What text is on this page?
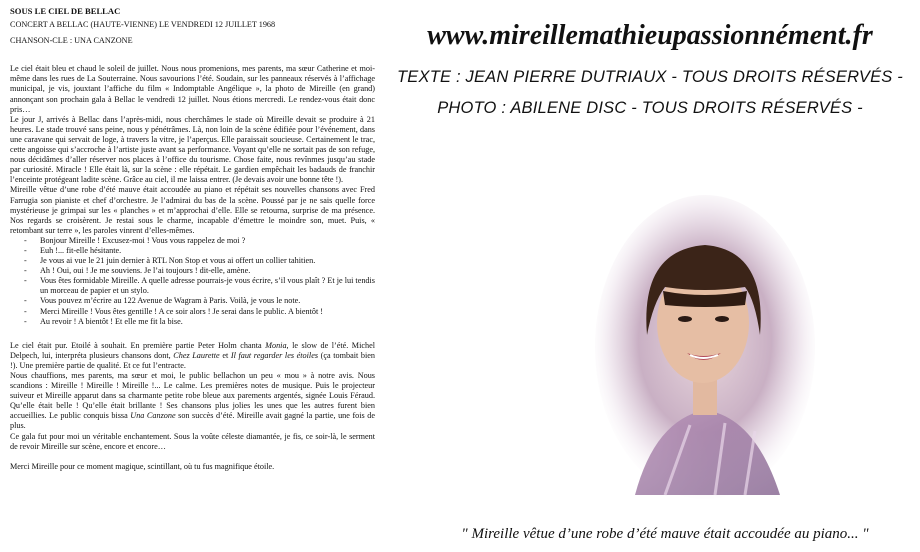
SOUS LE CIEL DE BELLAC

CONCERT A BELLAC (HAUTE-VIENNE) LE VENDREDI 12 JUILLET 1968

CHANSON-CLE : UNA CANZONE

Le ciel était bleu et chaud le soleil de juillet. Nous nous promenions, mes parents, ma sœur Catherine et moi-même dans les rues de La Souterraine. Nous savourions l’été. Soudain, sur les panneaux réservés à l’affichage municipal, je vis, jouxtant l’affiche du film « Indomptable Angélique », la photo de Mireille (en grand) annonçant son prochain gala à Bellac le vendredi 12 juillet. Nous étions mercredi. Le rendez-vous était donc pris…

Le jour J, arrivés à Bellac dans l’après-midi, nous cherchâmes le stade où Mireille devait se produire à 21 heures. Le stade trouvé sans peine, nous y pénétrâmes. Là, non loin de la scène édifiée pour l’événement, dans une caravane qui servait de loge, à travers la vitre, je l’aperçus. Elle paraissait soucieuse. Certainement le trac, cette angoisse qui s’accroche à l’artiste juste avant sa performance. Voyant qu’elle ne sortait pas de son refuge, nous décidâmes d’aller réserver nos places à l’office du tourisme. Chose faite, nous revînmes jusqu’au stade par curiosité. Miracle ! Elle était là, sur la scène : elle répétait. Le gardien empêchait les badauds de franchir l’enceinte protégeant ladite scène. Grâce au ciel, il me laissa entrer. (Je devais avoir une bonne tête !).

Mireille vêtue d’une robe d’été mauve était accoudée au piano et répétait ses nouvelles chansons avec Fred Farrugia son pianiste et chef d’orchestre. Je l’admirai du bas de la scène. Poussé par je ne sais quelle force mystérieuse je grimpai sur les « planches » et m’approchai d’elle. Elle se retourna, surprise de ma présence. Nos regards se croisèrent. Je restai sous le charme, incapable d’émettre le moindre son, muet. Puis, « retombant sur terre », les paroles vinrent d’elles-mêmes.

- Bonjour Mireille ! Excusez-moi ! Vous vous rappelez de moi ?
- Euh !... fit-elle hésitante.
- Je vous ai vue le 21 juin dernier à RTL Non Stop et vous ai offert un collier tahitien.
- Ah ! Oui, oui ! Je me souviens. Je l’ai toujours ! dit-elle, amène.
- Vous êtes formidable Mireille. A quelle adresse pourrais-je vous écrire, s’il vous plaît ? Et je lui tendis un morceau de papier et un stylo.
- Vous pouvez m’écrire au 122 Avenue de Wagram à Paris. Voilà, je vous le note.
- Merci Mireille ! Vous êtes gentille ! A ce soir alors ! Je serai dans le public. A bientôt !
- Au revoir ! A bientôt ! Et elle me fit la bise.

Le ciel était pur. Etoilé à souhait. En première partie Peter Holm chanta Monia, le slow de l’été. Michel Delpech, lui, interpréta plusieurs chansons dont, Chez Laurette et Il faut regarder les étoiles (ça tombait bien !). Une première partie de qualité. Et ce fut l’entracte.

Nous chauffions, mes parents, ma sœur et moi, le public bellachon un peu « mou » à notre avis. Nous scandions : Mireille ! Mireille ! Mireille !... Le calme. Les premières notes de musique. Puis le projecteur suiveur et Mireille apparut dans sa charmante petite robe bleue aux parements argentés, signée Louis Féraud. Qu’elle était belle ! Qu’elle était brillante ! Ses chansons plus jolies les unes que les autres furent bien accueillies. Le public conquis bissa Una Canzone son succès d’été. Mireille avait gagné la partie, une fois de plus.

Ce gala fut pour moi un véritable enchantement. Sous la voûte céleste diamantée, je fis, ce soir-là, le serment de revoir Mireille sur scène, encore et encore…

Merci Mireille pour ce moment magique, scintillant, où tu fus magnifique étoile.

www.mireillemathieupassionnément.fr
TEXTE : JEAN PIERRE DUTRIAUX - TOUS DROITS RÉSERVÉS -
PHOTO : ABILENE DISC - TOUS DROITS RÉSERVÉS -
" Mireille vêtue d’une robe d’été mauve était accoudée au piano... "
